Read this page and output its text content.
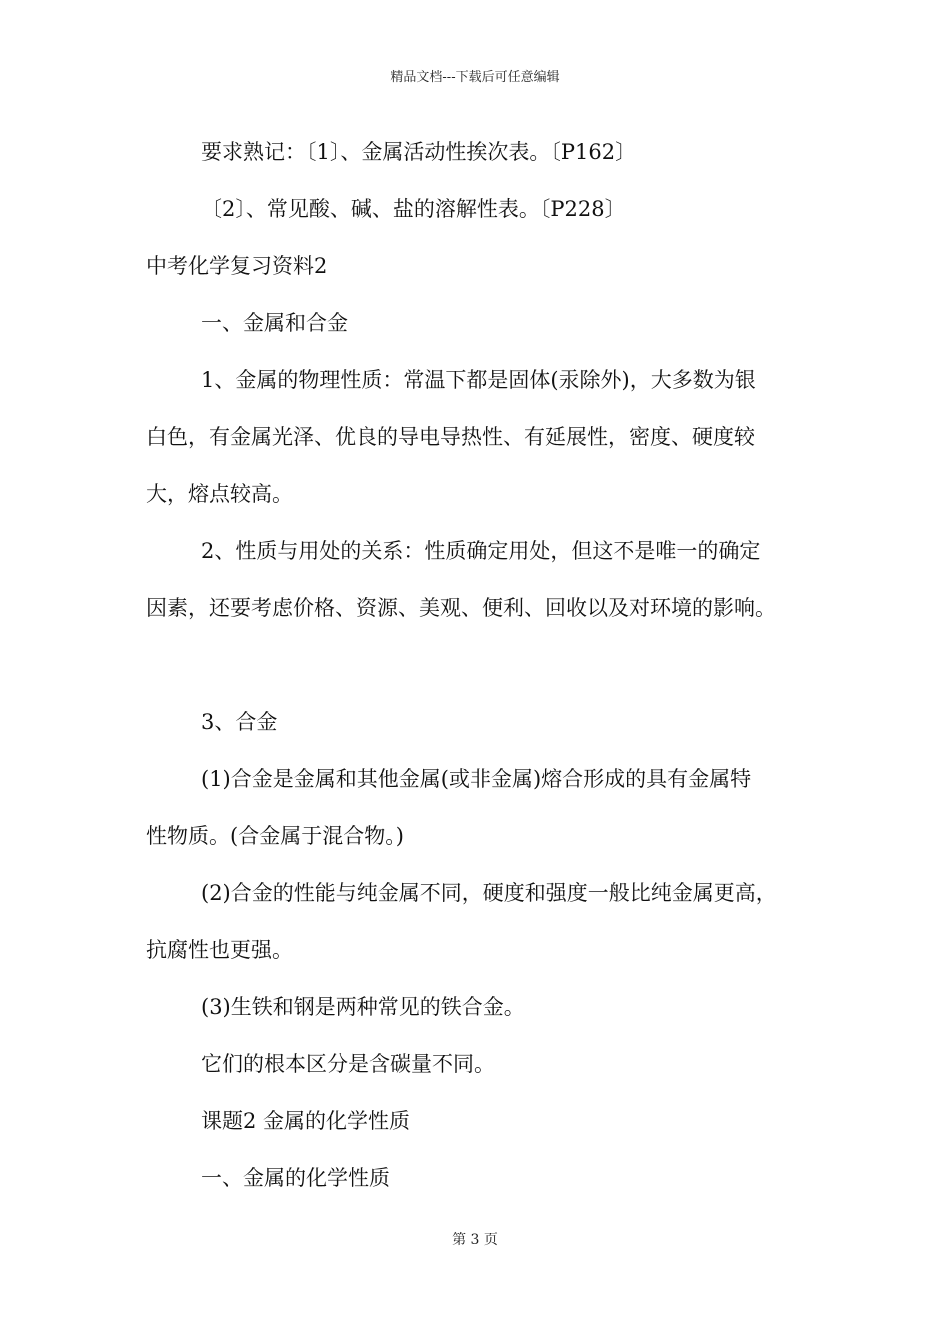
精品文档---下载后可任意编辑
要求熟记：〔1〕、金属活动性挨次表。〔P162〕
〔2〕、常见酸、碱、盐的溶解性表。〔P228〕
中考化学复习资料2
一、金属和合金
1、金属的物理性质：常温下都是固体(汞除外)，大多数为银
白色，有金属光泽、优良的导电导热性、有延展性，密度、硬度较
大，熔点较高。
2、性质与用处的关系：性质确定用处，但这不是唯一的确定
因素，还要考虑价格、资源、美观、便利、回收以及对环境的影响。
3、合金
(1)合金是金属和其他金属(或非金属)熔合形成的具有金属特
性物质。(合金属于混合物。)
(2)合金的性能与纯金属不同，硬度和强度一般比纯金属更高，
抗腐性也更强。
(3)生铁和钢是两种常见的铁合金。
它们的根本区分是含碳量不同。
课题2 金属的化学性质
一、金属的化学性质
第 3 页
